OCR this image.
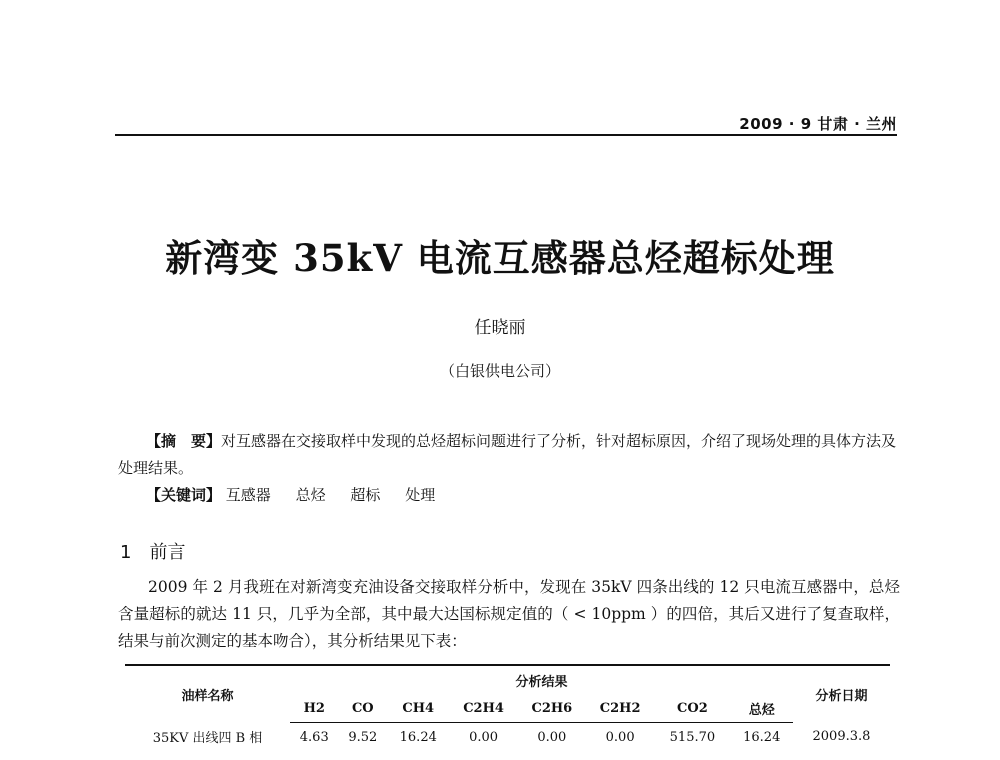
2009 · 9 甘肃 · 兰州
新湾变 35kV 电流互感器总烃超标处理
任晓丽
（白银供电公司）
【摘　要】对互感器在交接取样中发现的总烃超标问题进行了分析，针对超标原因，介绍了现场处理的具体方法及处理结果。
【关键词】 互感器 总烃 超标 处理
1 前言
2009 年 2 月我班在对新湾变充油设备交接取样分析中，发现在 35kV 四条出线的 12 只电流互感器中，总烃含量超标的就达 11 只，几乎为全部，其中最大达国标规定值的（ < 10ppm ）的四倍，其后又进行了复查取样，结果与前次测定的基本吻合），其分析结果见下表：
油样名称	分析结果								分析日期
	H2	CO	CH4	C2H4	C2H6	C2H2	CO2	总烃	
35KV 出线四 B 相	4.63	9.52	16.24	0.00	0.00	0.00	515.70	16.24	2009.3.8
